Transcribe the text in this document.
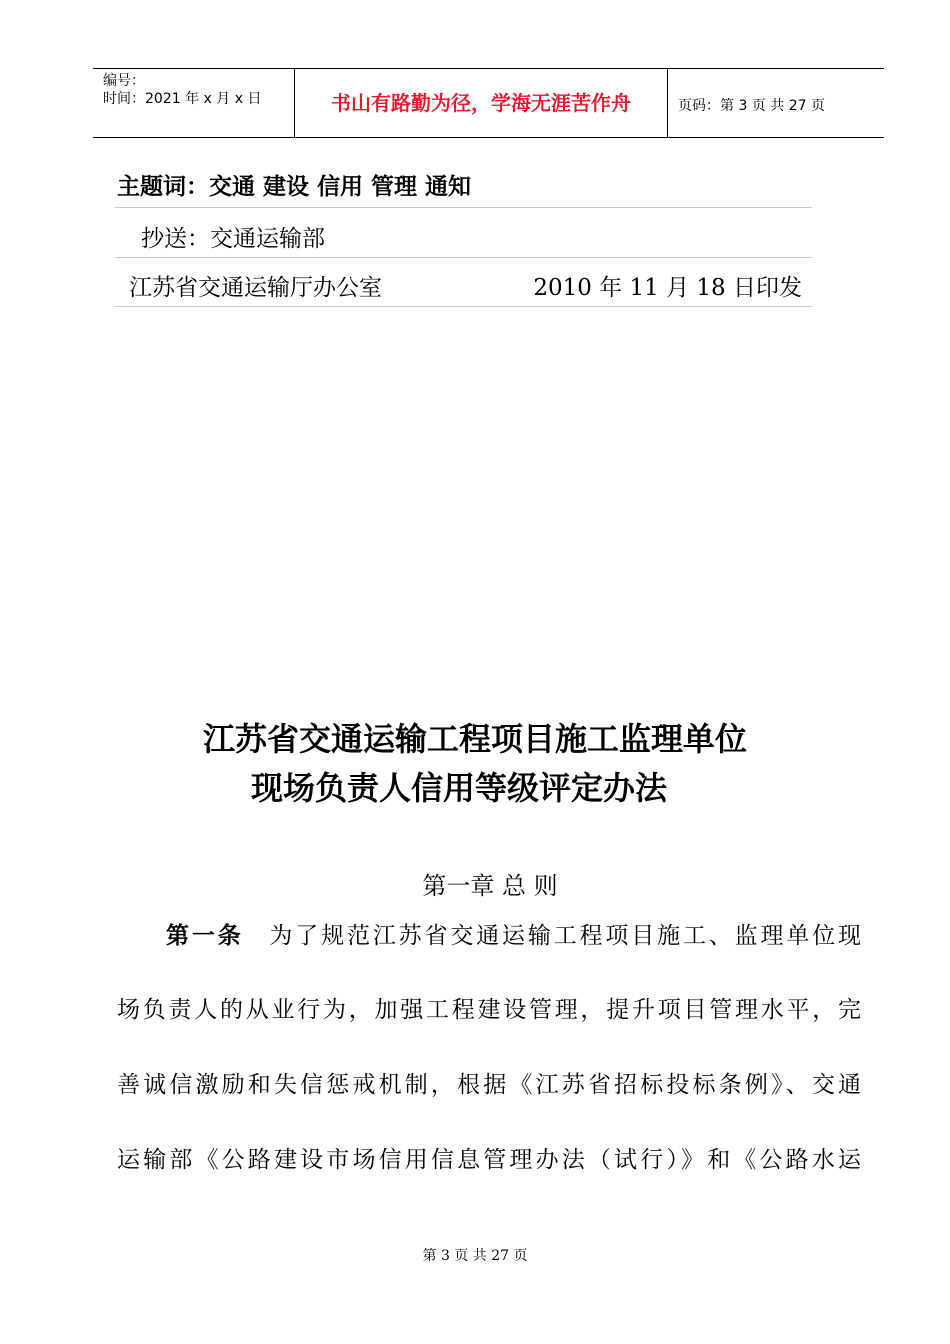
编号：
时间：2021 年 x 月 x 日	书山有路勤为径，学海无涯苦作舟	页码：第 3 页 共 27 页
主题词：交通 建设 信用 管理 通知
抄送：交通运输部
江苏省交通运输厅办公室	2010 年 11 月 18 日印发
江苏省交通运输工程项目施工监理单位
现场负责人信用等级评定办法
第一章 总 则
第一条　 为了规范江苏省交通运输工程项目施工、监理单位现
场负责人的从业行为，加强工程建设管理，提升项目管理水平，完
善诚信激励和失信惩戒机制，根据《江苏省招标投标条例》、交通
运输部《公路建设市场信用信息管理办法（试行）》和《公路水运
第 3 页 共 27 页
